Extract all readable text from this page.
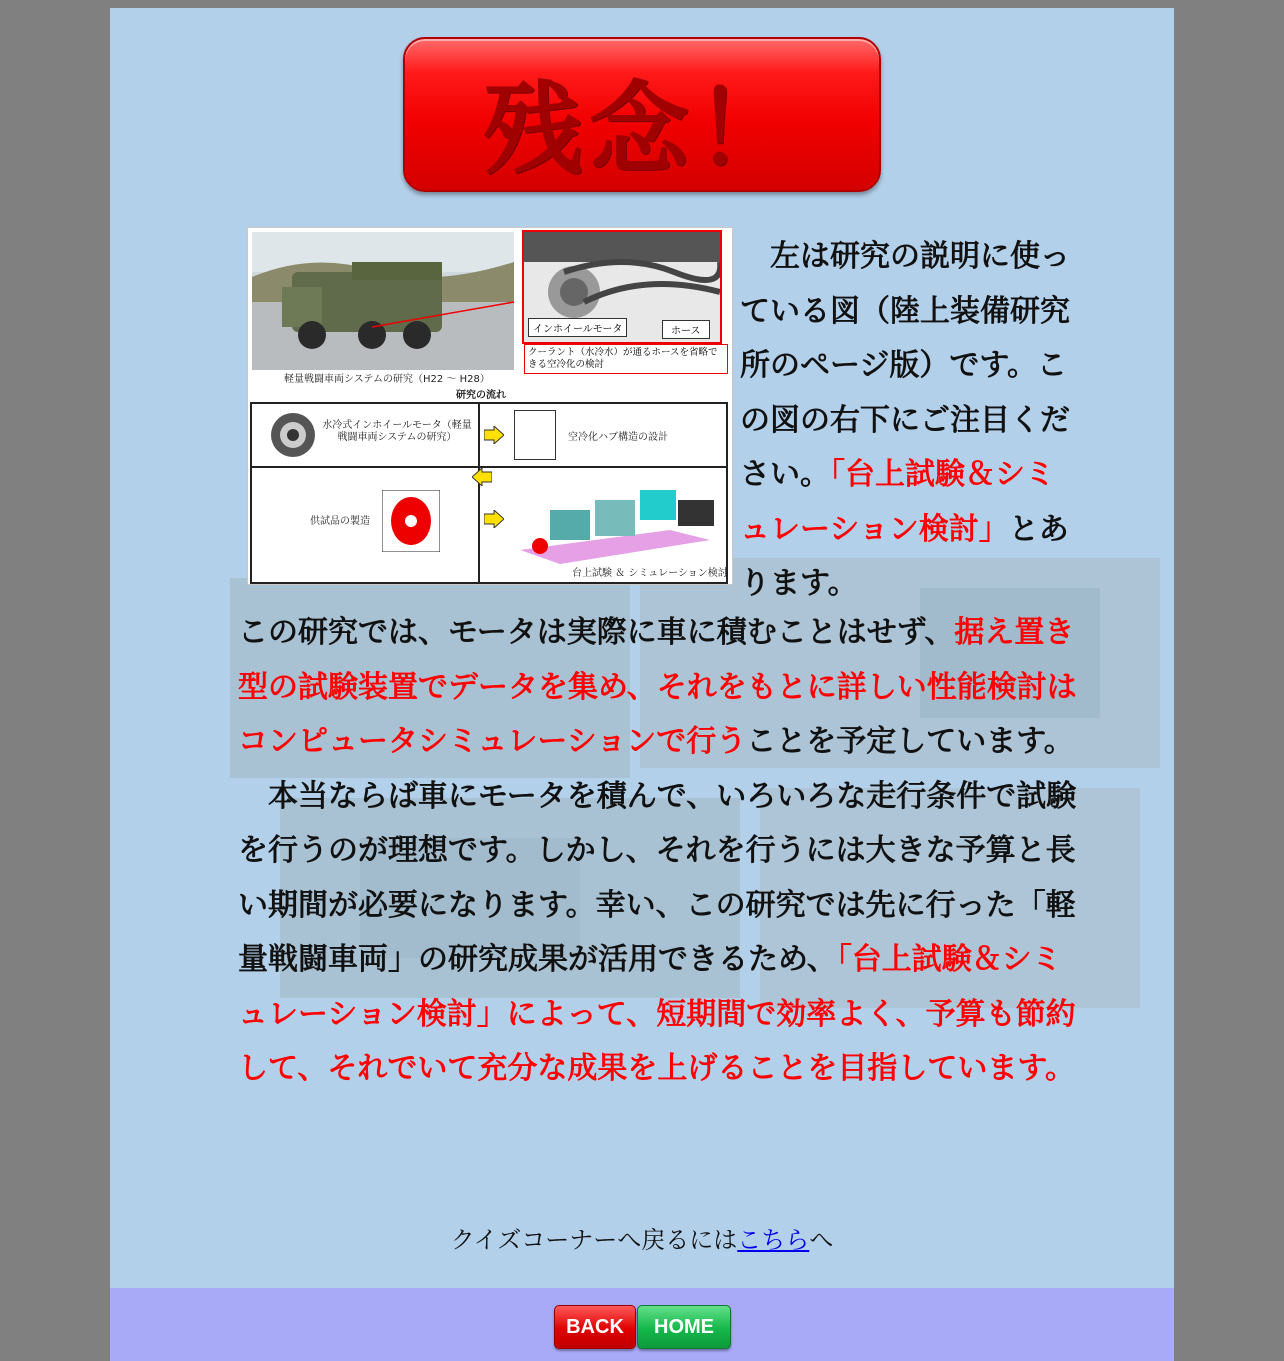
残念！
軽量戦闘車両システムの研究（H22 ～ H28）
インホイールモータ	ホース
クーラント（水冷水）が通るホースを省略できる空冷化の検討
研究の流れ
水冷式インホイールモータ（軽量戦闘車両システムの研究）	空冷化ハブ構造の設計
供試品の製造
台上試験 ＆ シミュレーション検討
　左は研究の説明に使っている図（陸上装備研究所のページ版）です。この図の右下にご注目ください。「台上試験＆シミュレーション検討」とあります。
この研究では、モータは実際に車に積むことはせず、据え置き型の試験装置でデータを集め、それをもとに詳しい性能検討はコンピュータシミュレーションで行うことを予定しています。
　本当ならば車にモータを積んで、いろいろな走行条件で試験を行うのが理想です。しかし、それを行うには大きな予算と長い期間が必要になります。幸い、この研究では先に行った「軽量戦闘車両」の研究成果が活用できるため、「台上試験＆シミュレーション検討」によって、短期間で効率よく、予算も節約して、それでいて充分な成果を上げることを目指しています。
クイズコーナーへ戻るにはこちらへ
BACK	HOME
